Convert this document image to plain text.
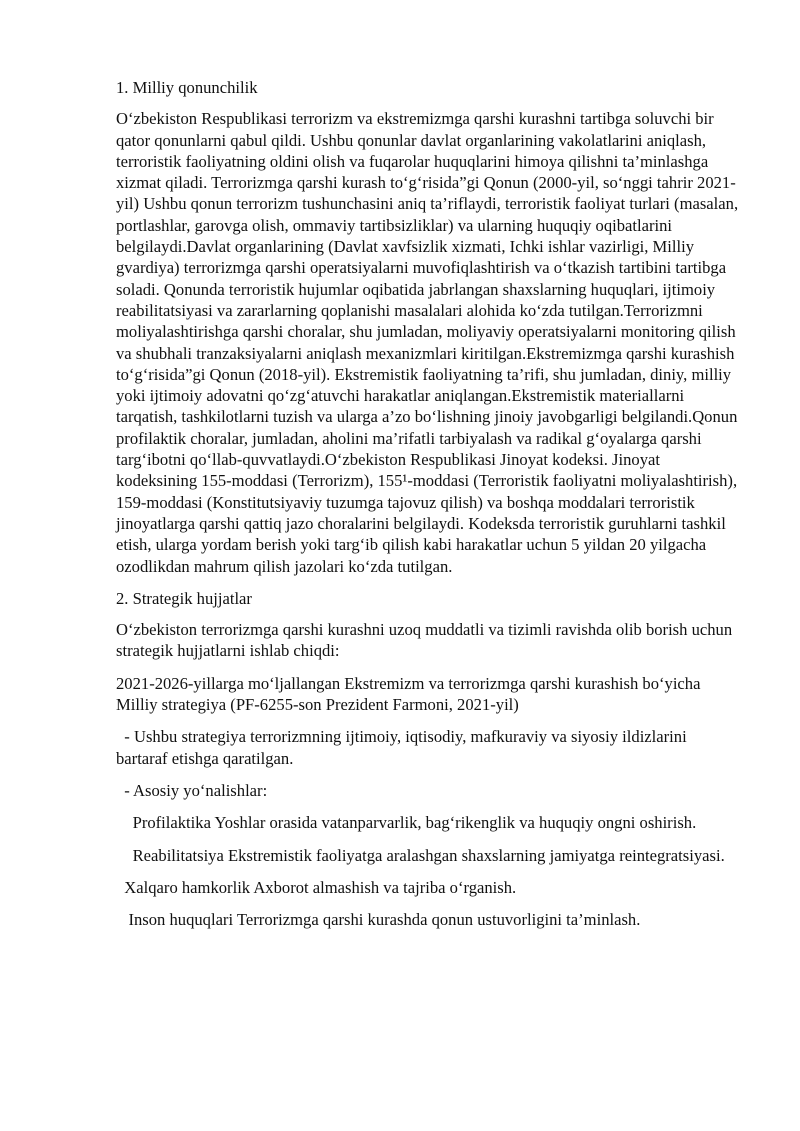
1. Milliy qonunchilik

O‘zbekiston Respublikasi terrorizm va ekstremizmga qarshi kurashni tartibga soluvchi bir qator qonunlarni qabul qildi. Ushbu qonunlar davlat organlarining vakolatlarini aniqlash, terroristik faoliyatning oldini olish va fuqarolar huquqlarini himoya qilishni ta’minlashga xizmat qiladi. Terrorizmga qarshi kurash to‘g‘risida”gi Qonun (2000-yil, so‘nggi tahrir 2021-yil) Ushbu qonun terrorizm tushunchasini aniq ta’riflaydi, terroristik faoliyat turlari (masalan, portlashlar, garovga olish, ommaviy tartibsizliklar) va ularning huquqiy oqibatlarini belgilaydi.Davlat organlarining (Davlat xavfsizlik xizmati, Ichki ishlar vazirligi, Milliy gvardiya) terrorizmga qarshi operatsiyalarni muvofiqlashtirish va o‘tkazish tartibini tartibga soladi. Qonunda terroristik hujumlar oqibatida jabrlangan shaxslarning huquqlari, ijtimoiy reabilitatsiyasi va zararlarning qoplanishi masalalari alohida ko‘zda tutilgan.Terrorizmni moliyalashtirishga qarshi choralar, shu jumladan, moliyaviy operatsiyalarni monitoring qilish va shubhali tranzaksiyalarni aniqlash mexanizmlari kiritilgan.Ekstremizmga qarshi kurashish to‘g‘risida”gi Qonun (2018-yil). Ekstremistik faoliyatning ta’rifi, shu jumladan, diniy, milliy yoki ijtimoiy adovatni qo‘zg‘atuvchi harakatlar aniqlangan.Ekstremistik materiallarni tarqatish, tashkilotlarni tuzish va ularga a’zo bo‘lishning jinoiy javobgarligi belgilandi.Qonun profilaktik choralar, jumladan, aholini ma’rifatli tarbiyalash va radikal g‘oyalarga qarshi targ‘ibotni qo‘llab-quvvatlaydi.O‘zbekiston Respublikasi Jinoyat kodeksi. Jinoyat kodeksining 155-moddasi (Terrorizm), 155¹-moddasi (Terroristik faoliyatni moliyalashtirish), 159-moddasi (Konstitutsiyaviy tuzumga tajovuz qilish) va boshqa moddalari terroristik jinoyatlarga qarshi qattiq jazo choralarini belgilaydi. Kodeksda terroristik guruhlarni tashkil etish, ularga yordam berish yoki targ‘ib qilish kabi harakatlar uchun 5 yildan 20 yilgacha ozodlikdan mahrum qilish jazolari ko‘zda tutilgan.

2. Strategik hujjatlar

O‘zbekiston terrorizmga qarshi kurashni uzoq muddatli va tizimli ravishda olib borish uchun strategik hujjatlarni ishlab chiqdi:

2021-2026-yillarga mo‘ljallangan Ekstremizm va terrorizmga qarshi kurashish bo‘yicha Milliy strategiya (PF-6255-son Prezident Farmoni, 2021-yil)

- Ushbu strategiya terrorizmning ijtimoiy, iqtisodiy, mafkuraviy va siyosiy ildizlarini bartaraf etishga qaratilgan.

- Asosiy yo‘nalishlar:

Profilaktika Yoshlar orasida vatanparvarlik, bag‘rikenglik va huquqiy ongni oshirish.

Reabilitatsiya Ekstremistik faoliyatga aralashgan shaxslarning jamiyatga reintegratsiyasi.

Xalqaro hamkorlik Axborot almashish va tajriba o‘rganish.

Inson huquqlari Terrorizmga qarshi kurashda qonun ustuvorligini ta’minlash.
